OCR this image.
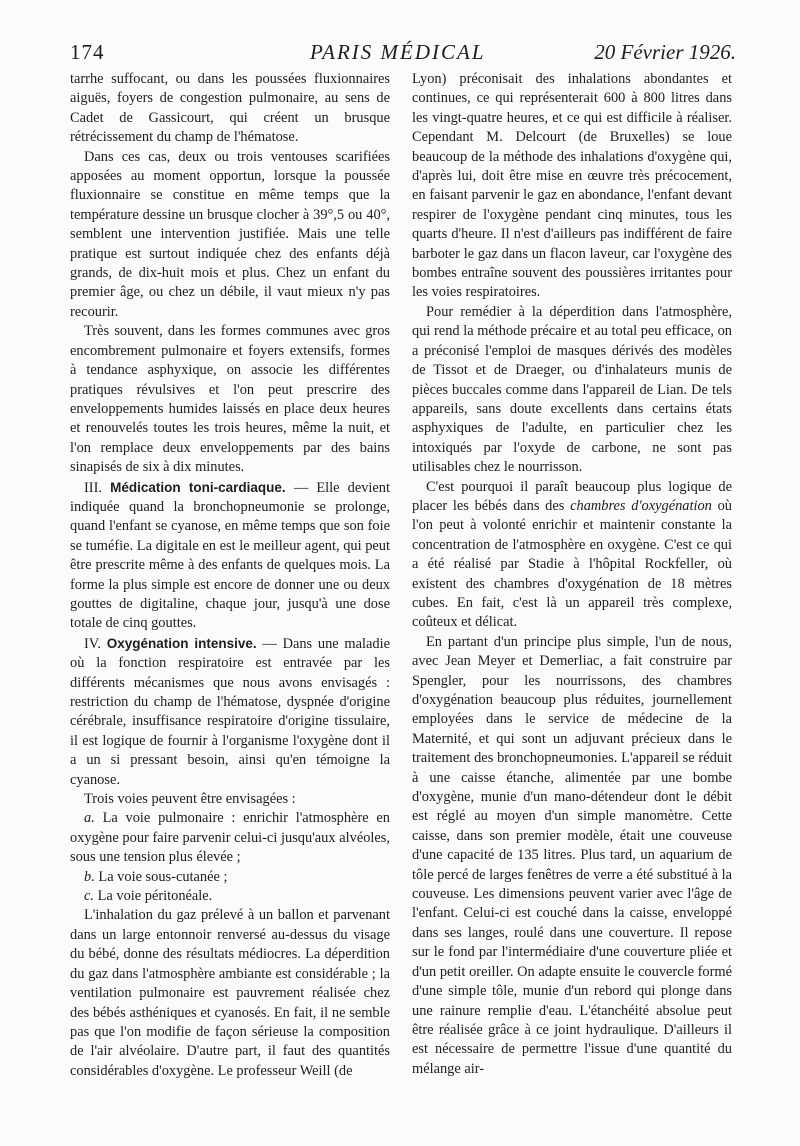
174	PARIS MÉDICAL	20 Février 1926.

tarrhe suffocant, ou dans les poussées fluxionnaires aiguës, foyers de congestion pulmonaire, au sens de Cadet de Gassicourt, qui créent un brusque rétrécissement du champ de l'hématose.

Dans ces cas, deux ou trois ventouses scarifiées apposées au moment opportun, lorsque la poussée fluxionnaire se constitue en même temps que la température dessine un brusque clocher à 39°,5 ou 40°, semblent une intervention justifiée. Mais une telle pratique est surtout indiquée chez des enfants déjà grands, de dix-huit mois et plus. Chez un enfant du premier âge, ou chez un débile, il vaut mieux n'y pas recourir.

Très souvent, dans les formes communes avec gros encombrement pulmonaire et foyers extensifs, formes à tendance asphyxique, on associe les différentes pratiques révulsives et l'on peut prescrire des enveloppements humides laissés en place deux heures et renouvelés toutes les trois heures, même la nuit, et l'on remplace deux enveloppements par des bains sinapisés de six à dix minutes.

III. Médication toni-cardiaque. — Elle devient indiquée quand la bronchopneumonie se prolonge, quand l'enfant se cyanose, en même temps que son foie se tuméfie. La digitale en est le meilleur agent, qui peut être prescrite même à des enfants de quelques mois. La forme la plus simple est encore de donner une ou deux gouttes de digitaline, chaque jour, jusqu'à une dose totale de cinq gouttes.

IV. Oxygénation intensive. — Dans une maladie où la fonction respiratoire est entravée par les différents mécanismes que nous avons envisagés : restriction du champ de l'hématose, dyspnée d'origine cérébrale, insuffisance respiratoire d'origine tissulaire, il est logique de fournir à l'organisme l'oxygène dont il a un si pressant besoin, ainsi qu'en témoigne la cyanose.

Trois voies peuvent être envisagées :

a. La voie pulmonaire : enrichir l'atmosphère en oxygène pour faire parvenir celui-ci jusqu'aux alvéoles, sous une tension plus élevée ;

b. La voie sous-cutanée ;

c. La voie péritonéale.

L'inhalation du gaz prélevé à un ballon et parvenant dans un large entonnoir renversé au-dessus du visage du bébé, donne des résultats médiocres. La déperdition du gaz dans l'atmosphère ambiante est considérable ; la ventilation pulmonaire est pauvrement réalisée chez des bébés asthéniques et cyanosés. En fait, il ne semble pas que l'on modifie de façon sérieuse la composition de l'air alvéolaire. D'autre part, il faut des quantités considérables d'oxygène. Le professeur Weill (de

Lyon) préconisait des inhalations abondantes et continues, ce qui représenterait 600 à 800 litres dans les vingt-quatre heures, et ce qui est difficile à réaliser. Cependant M. Delcourt (de Bruxelles) se loue beaucoup de la méthode des inhalations d'oxygène qui, d'après lui, doit être mise en œuvre très précocement, en faisant parvenir le gaz en abondance, l'enfant devant respirer de l'oxygène pendant cinq minutes, tous les quarts d'heure. Il n'est d'ailleurs pas indifférent de faire barboter le gaz dans un flacon laveur, car l'oxygène des bombes entraîne souvent des poussières irritantes pour les voies respiratoires.

Pour remédier à la déperdition dans l'atmosphère, qui rend la méthode précaire et au total peu efficace, on a préconisé l'emploi de masques dérivés des modèles de Tissot et de Draeger, ou d'inhalateurs munis de pièces buccales comme dans l'appareil de Lian. De tels appareils, sans doute excellents dans certains états asphyxiques de l'adulte, en particulier chez les intoxiqués par l'oxyde de carbone, ne sont pas utilisables chez le nourrisson.

C'est pourquoi il paraît beaucoup plus logique de placer les bébés dans des chambres d'oxygénation où l'on peut à volonté enrichir et maintenir constante la concentration de l'atmosphère en oxygène. C'est ce qui a été réalisé par Stadie à l'hôpital Rockfeller, où existent des chambres d'oxygénation de 18 mètres cubes. En fait, c'est là un appareil très complexe, coûteux et délicat.

En partant d'un principe plus simple, l'un de nous, avec Jean Meyer et Demerliac, a fait construire par Spengler, pour les nourrissons, des chambres d'oxygénation beaucoup plus réduites, journellement employées dans le service de médecine de la Maternité, et qui sont un adjuvant précieux dans le traitement des bronchopneumonies. L'appareil se réduit à une caisse étanche, alimentée par une bombe d'oxygène, munie d'un mano-détendeur dont le débit est réglé au moyen d'un simple manomètre. Cette caisse, dans son premier modèle, était une couveuse d'une capacité de 135 litres. Plus tard, un aquarium de tôle percé de larges fenêtres de verre a été substitué à la couveuse. Les dimensions peuvent varier avec l'âge de l'enfant. Celui-ci est couché dans la caisse, enveloppé dans ses langes, roulé dans une couverture. Il repose sur le fond par l'intermédiaire d'une couverture pliée et d'un petit oreiller. On adapte ensuite le couvercle formé d'une simple tôle, munie d'un rebord qui plonge dans une rainure remplie d'eau. L'étanchéité absolue peut être réalisée grâce à ce joint hydraulique. D'ailleurs il est nécessaire de permettre l'issue d'une quantité du mélange air-
